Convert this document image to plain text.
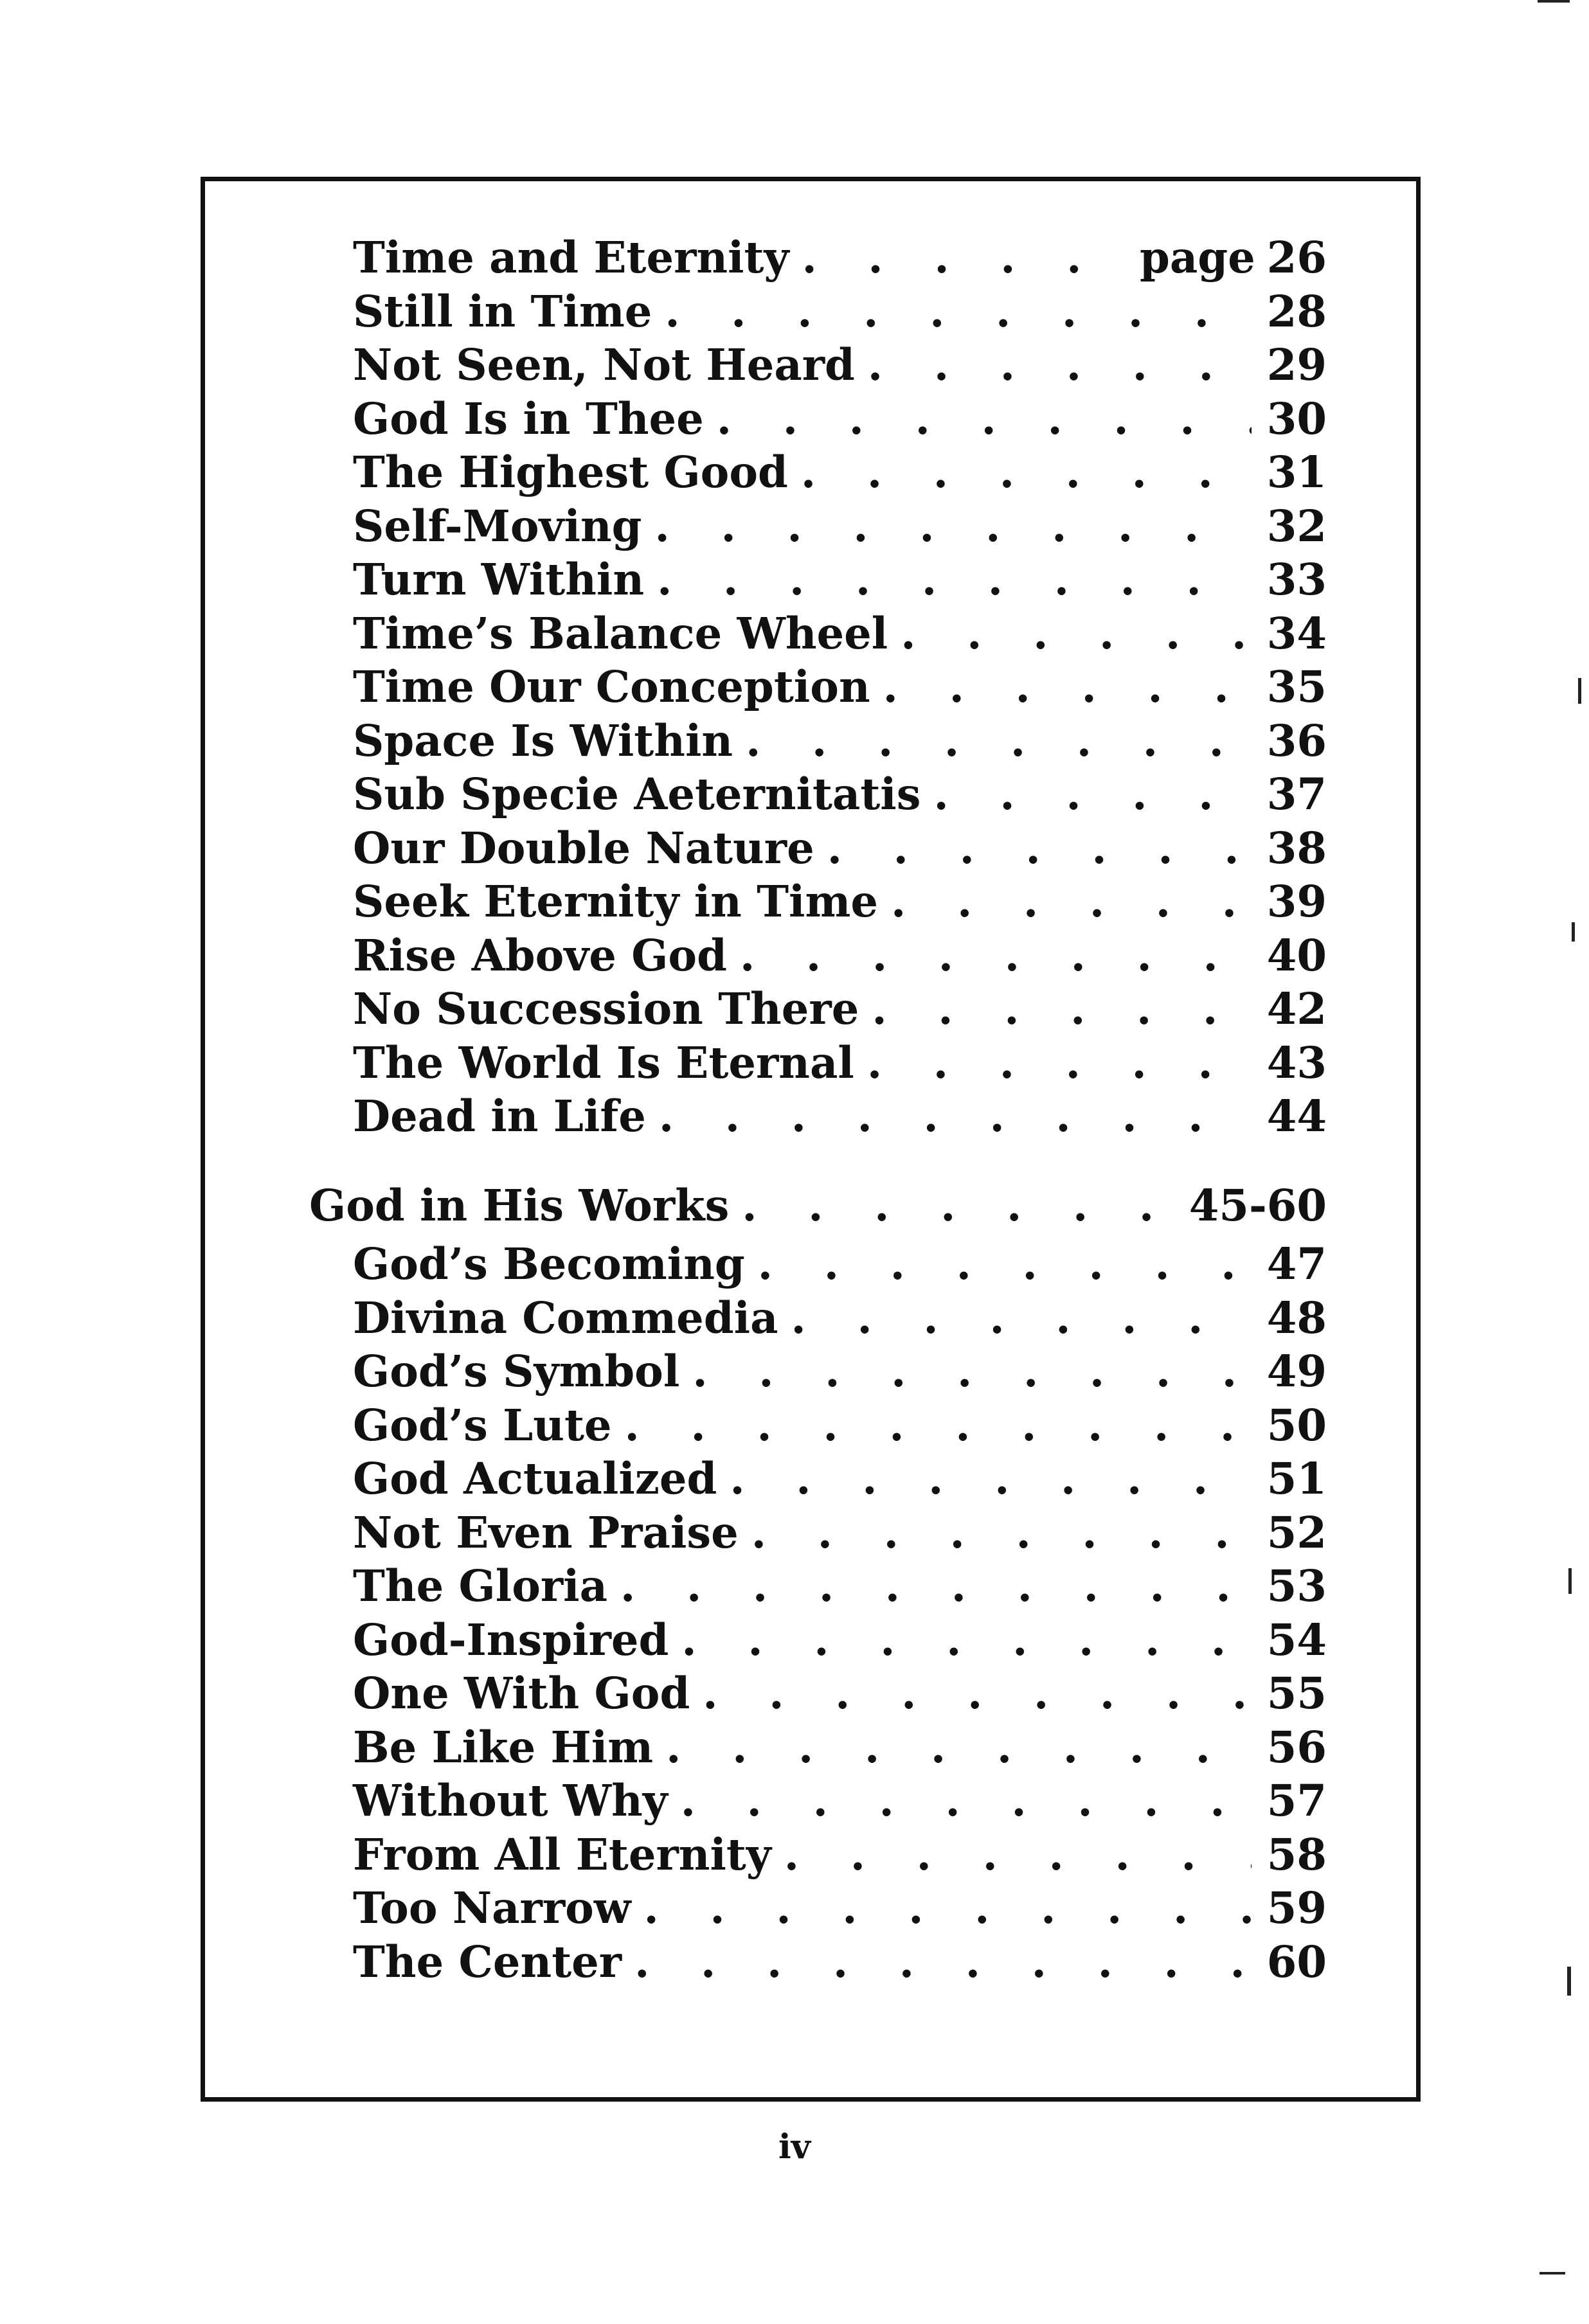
Time and Eternity . . .	page 26
Still in Time . . .	28
Not Seen, Not Heard . . .	29
God Is in Thee . . .	30
The Highest Good . . .	31
Self-Moving . . .	32
Turn Within . . .	33
Time’s Balance Wheel . . .	34
Time Our Conception . . .	35
Space Is Within . . .	36
Sub Specie Aeternitatis . . .	37
Our Double Nature . . .	38
Seek Eternity in Time . . .	39
Rise Above God . . .	40
No Succession There . . .	42
The World Is Eternal . . .	43
Dead in Life . . .	44
God in His Works . . .	45-60
God’s Becoming . . .	47
Divina Commedia . . .	48
God’s Symbol . . .	49
God’s Lute . . .	50
God Actualized . . .	51
Not Even Praise . . .	52
The Gloria . . .	53
God-Inspired . . .	54
One With God . . .	55
Be Like Him . . .	56
Without Why . . .	57
From All Eternity . . .	58
Too Narrow . . .	59
The Center . . .	60
iv
